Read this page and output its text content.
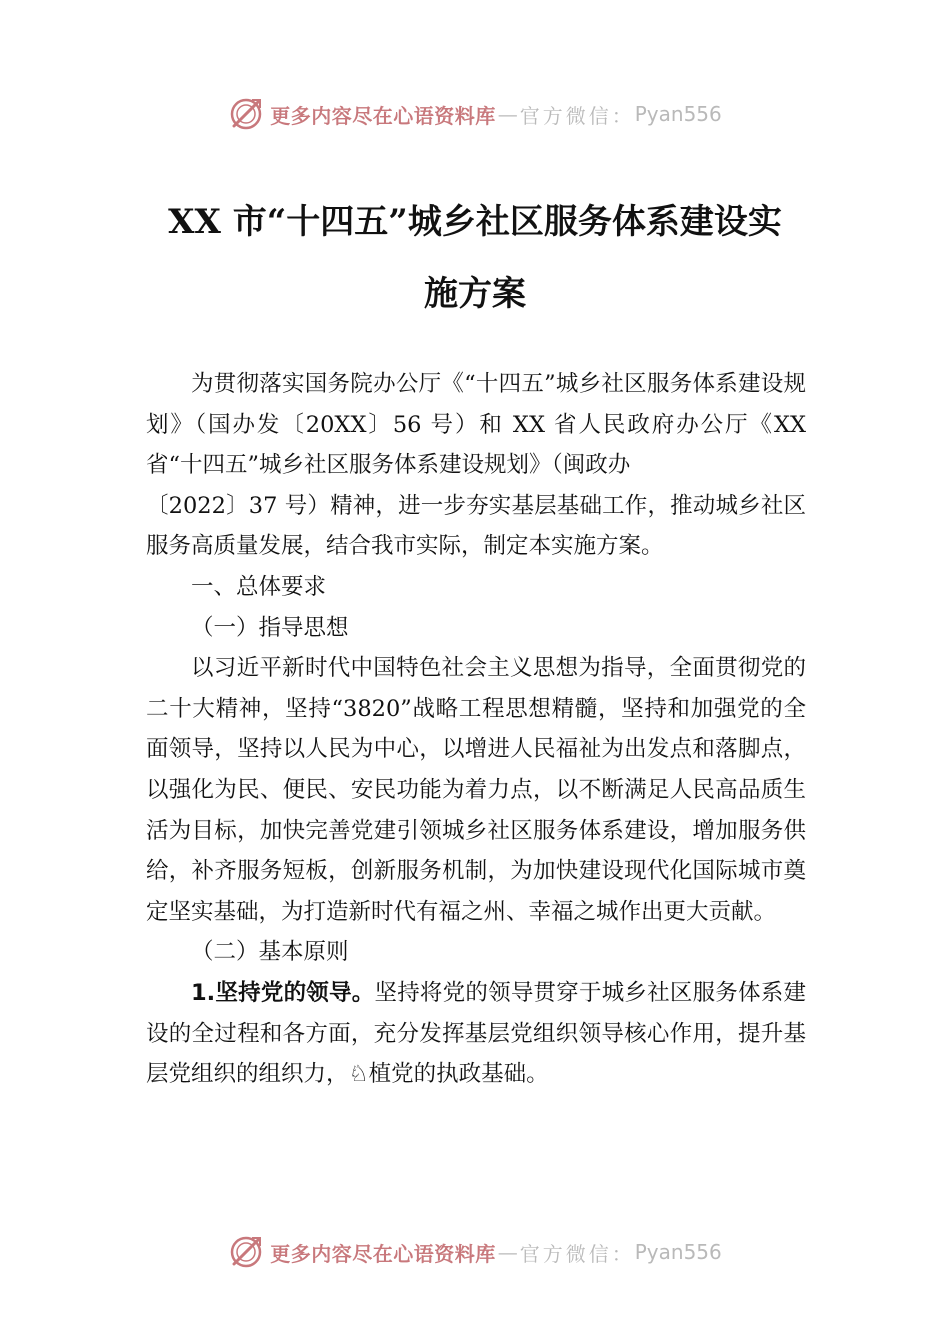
更多内容尽在心语资料库 — 官方微信： Pyan556
XX 市“十四五”城乡社区服务体系建设实
施方案

为贯彻落实国务院办公厅《“十四五”城乡社区服务体系建设规划》（国办发〔20XX〕56 号）和 XX 省人民政府办公厅《XX 省“十四五”城乡社区服务体系建设规划》（闽政办

〔2022〕37 号）精神，进一步夯实基层基础工作，推动城乡社区服务高质量发展，结合我市实际，制定本实施方案。

一、总体要求

（一）指导思想

以习近平新时代中国特色社会主义思想为指导，全面贯彻党的二十大精神，坚持“3820”战略工程思想精髓，坚持和加强党的全面领导，坚持以人民为中心，以增进人民福祉为出发点和落脚点，以强化为民、便民、安民功能为着力点，以不断满足人民高品质生活为目标，加快完善党建引领城乡社区服务体系建设，增加服务供给，补齐服务短板，创新服务机制，为加快建设现代化国际城市奠定坚实基础，为打造新时代有福之州、幸福之城作出更大贡献。

（二）基本原则

1.坚持党的领导。坚持将党的领导贯穿于城乡社区服务体系建设的全过程和各方面，充分发挥基层党组织领导核心作用，提升基层党组织的组织力，♘植党的执政基础。

更多内容尽在心语资料库 — 官方微信： Pyan556
